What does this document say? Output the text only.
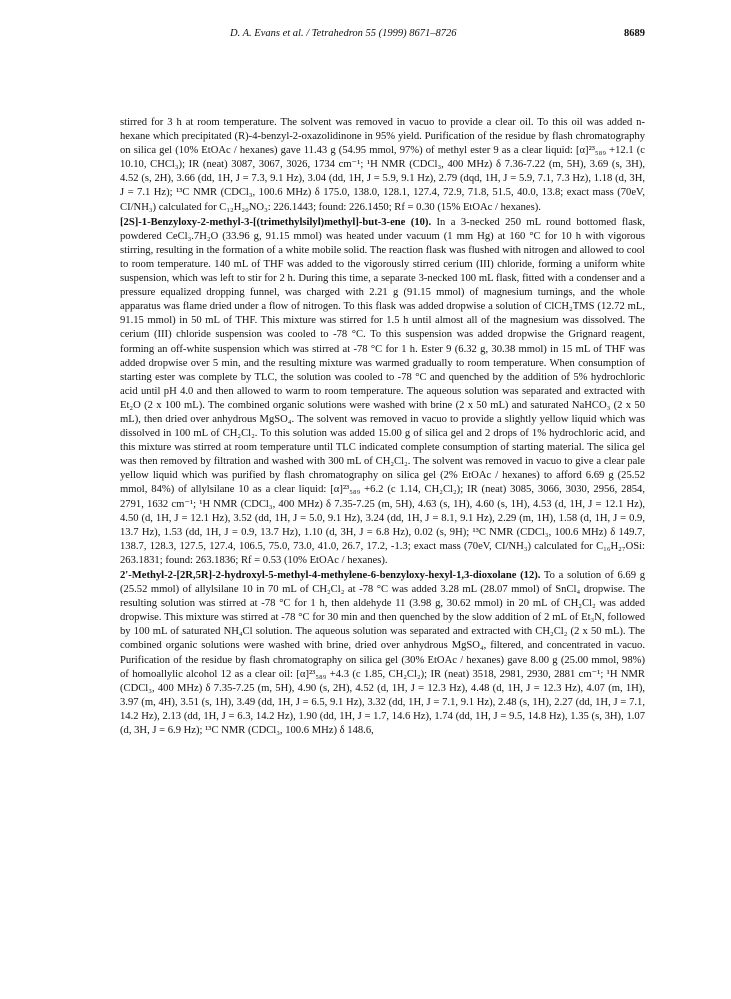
D. A. Evans et al. / Tetrahedron 55 (1999) 8671–8726	8689

stirred for 3 h at room temperature. The solvent was removed in vacuo to provide a clear oil. To this oil was added n-hexane which precipitated (R)-4-benzyl-2-oxazolidinone in 95% yield. Purification of the residue by flash chromatography on silica gel (10% EtOAc / hexanes) gave 11.43 g (54.95 mmol, 97%) of methyl ester 9 as a clear liquid: [α]²³₅₈₉ +12.1 (c 10.10, CHCl₃); IR (neat) 3087, 3067, 3026, 1734 cm⁻¹; ¹H NMR (CDCl₃, 400 MHz) δ 7.36-7.22 (m, 5H), 3.69 (s, 3H), 4.52 (s, 2H), 3.66 (dd, 1H, J = 7.3, 9.1 Hz), 3.04 (dd, 1H, J = 5.9, 9.1 Hz), 2.79 (dqd, 1H, J = 5.9, 7.1, 7.3 Hz), 1.18 (d, 3H, J = 7.1 Hz); ¹³C NMR (CDCl₃, 100.6 MHz) δ 175.0, 138.0, 128.1, 127.4, 72.9, 71.8, 51.5, 40.0, 13.8; exact mass (70eV, CI/NH₃) calculated for C₁₂H₂₀NO₃: 226.1443; found: 226.1450; Rf = 0.30 (15% EtOAc / hexanes).

[2S]-1-Benzyloxy-2-methyl-3-[(trimethylsilyl)methyl]-but-3-ene (10). In a 3-necked 250 mL round bottomed flask, powdered CeCl₃.7H₂O (33.96 g, 91.15 mmol) was heated under vacuum (1 mm Hg) at 160 °C for 10 h with vigorous stirring, resulting in the formation of a white mobile solid. The reaction flask was flushed with nitrogen and allowed to cool to room temperature. 140 mL of THF was added to the vigorously stirred cerium (III) chloride, forming a uniform white suspension, which was left to stir for 2 h. During this time, a separate 3-necked 100 mL flask, fitted with a condenser and a pressure equalized dropping funnel, was charged with 2.21 g (91.15 mmol) of magnesium turnings, and the whole apparatus was flame dried under a flow of nitrogen. To this flask was added dropwise a solution of ClCH₂TMS (12.72 mL, 91.15 mmol) in 50 mL of THF. This mixture was stirred for 1.5 h until almost all of the magnesium was dissolved. The cerium (III) chloride suspension was cooled to -78 °C. To this suspension was added dropwise the Grignard reagent, forming an off-white suspension which was stirred at -78 °C for 1 h. Ester 9 (6.32 g, 30.38 mmol) in 15 mL of THF was added dropwise over 5 min, and the resulting mixture was warmed gradually to room temperature. When consumption of starting ester was complete by TLC, the solution was cooled to -78 °C and quenched by the addition of 5% hydrochloric acid until pH 4.0 and then allowed to warm to room temperature. The aqueous solution was separated and extracted with Et₂O (2 x 100 mL). The combined organic solutions were washed with brine (2 x 50 mL) and saturated NaHCO₃ (2 x 50 mL), then dried over anhydrous MgSO₄. The solvent was removed in vacuo to provide a slightly yellow liquid which was dissolved in 100 mL of CH₂Cl₂. To this solution was added 15.00 g of silica gel and 2 drops of 1% hydrochloric acid, and this mixture was stirred at room temperature until TLC indicated complete consumption of starting material. The silica gel was then removed by filtration and washed with 300 mL of CH₂Cl₂. The solvent was removed in vacuo to give a clear pale yellow liquid which was purified by flash chromatography on silica gel (2% EtOAc / hexanes) to afford 6.69 g (25.52 mmol, 84%) of allylsilane 10 as a clear liquid: [α]²³₅₈₉ +6.2 (c 1.14, CH₂Cl₂); IR (neat) 3085, 3066, 3030, 2956, 2854, 2791, 1632 cm⁻¹; ¹H NMR (CDCl₃, 400 MHz) δ 7.35-7.25 (m, 5H), 4.63 (s, 1H), 4.60 (s, 1H), 4.53 (d, 1H, J = 12.1 Hz), 4.50 (d, 1H, J = 12.1 Hz), 3.52 (dd, 1H, J = 5.0, 9.1 Hz), 3.24 (dd, 1H, J = 8.1, 9.1 Hz), 2.29 (m, 1H), 1.58 (d, 1H, J = 0.9, 13.7 Hz), 1.53 (dd, 1H, J = 0.9, 13.7 Hz), 1.10 (d, 3H, J = 6.8 Hz), 0.02 (s, 9H); ¹³C NMR (CDCl₃, 100.6 MHz) δ 149.7, 138.7, 128.3, 127.5, 127.4, 106.5, 75.0, 73.0, 41.0, 26.7, 17.2, -1.3; exact mass (70eV, CI/NH₃) calculated for C₁₆H₂₇OSi: 263.1831; found: 263.1836; Rf = 0.53 (10% EtOAc / hexanes).

2'-Methyl-2-[2R,5R]-2-hydroxyl-5-methyl-4-methylene-6-benzyloxy-hexyl-1,3-dioxolane (12). To a solution of 6.69 g (25.52 mmol) of allylsilane 10 in 70 mL of CH₂Cl₂ at -78 °C was added 3.28 mL (28.07 mmol) of SnCl₄ dropwise. The resulting solution was stirred at -78 °C for 1 h, then aldehyde 11 (3.98 g, 30.62 mmol) in 20 mL of CH₂Cl₂ was added dropwise. This mixture was stirred at -78 °C for 30 min and then quenched by the slow addition of 2 mL of Et₃N, followed by 100 mL of saturated NH₄Cl solution. The aqueous solution was separated and extracted with CH₂Cl₂ (2 x 50 mL). The combined organic solutions were washed with brine, dried over anhydrous MgSO₄, filtered, and concentrated in vacuo. Purification of the residue by flash chromatography on silica gel (30% EtOAc / hexanes) gave 8.00 g (25.00 mmol, 98%) of homoallylic alcohol 12 as a clear oil: [α]²³₅₈₉ +4.3 (c 1.85, CH₂Cl₂); IR (neat) 3518, 2981, 2930, 2881 cm⁻¹; ¹H NMR (CDCl₃, 400 MHz) δ 7.35-7.25 (m, 5H), 4.90 (s, 2H), 4.52 (d, 1H, J = 12.3 Hz), 4.48 (d, 1H, J = 12.3 Hz), 4.07 (m, 1H), 3.97 (m, 4H), 3.51 (s, 1H), 3.49 (dd, 1H, J = 6.5, 9.1 Hz), 3.32 (dd, 1H, J = 7.1, 9.1 Hz), 2.48 (s, 1H), 2.27 (dd, 1H, J = 7.1, 14.2 Hz), 2.13 (dd, 1H, J = 6.3, 14.2 Hz), 1.90 (dd, 1H, J = 1.7, 14.6 Hz), 1.74 (dd, 1H, J = 9.5, 14.8 Hz), 1.35 (s, 3H), 1.07 (d, 3H, J = 6.9 Hz); ¹³C NMR (CDCl₃, 100.6 MHz) δ 148.6,
